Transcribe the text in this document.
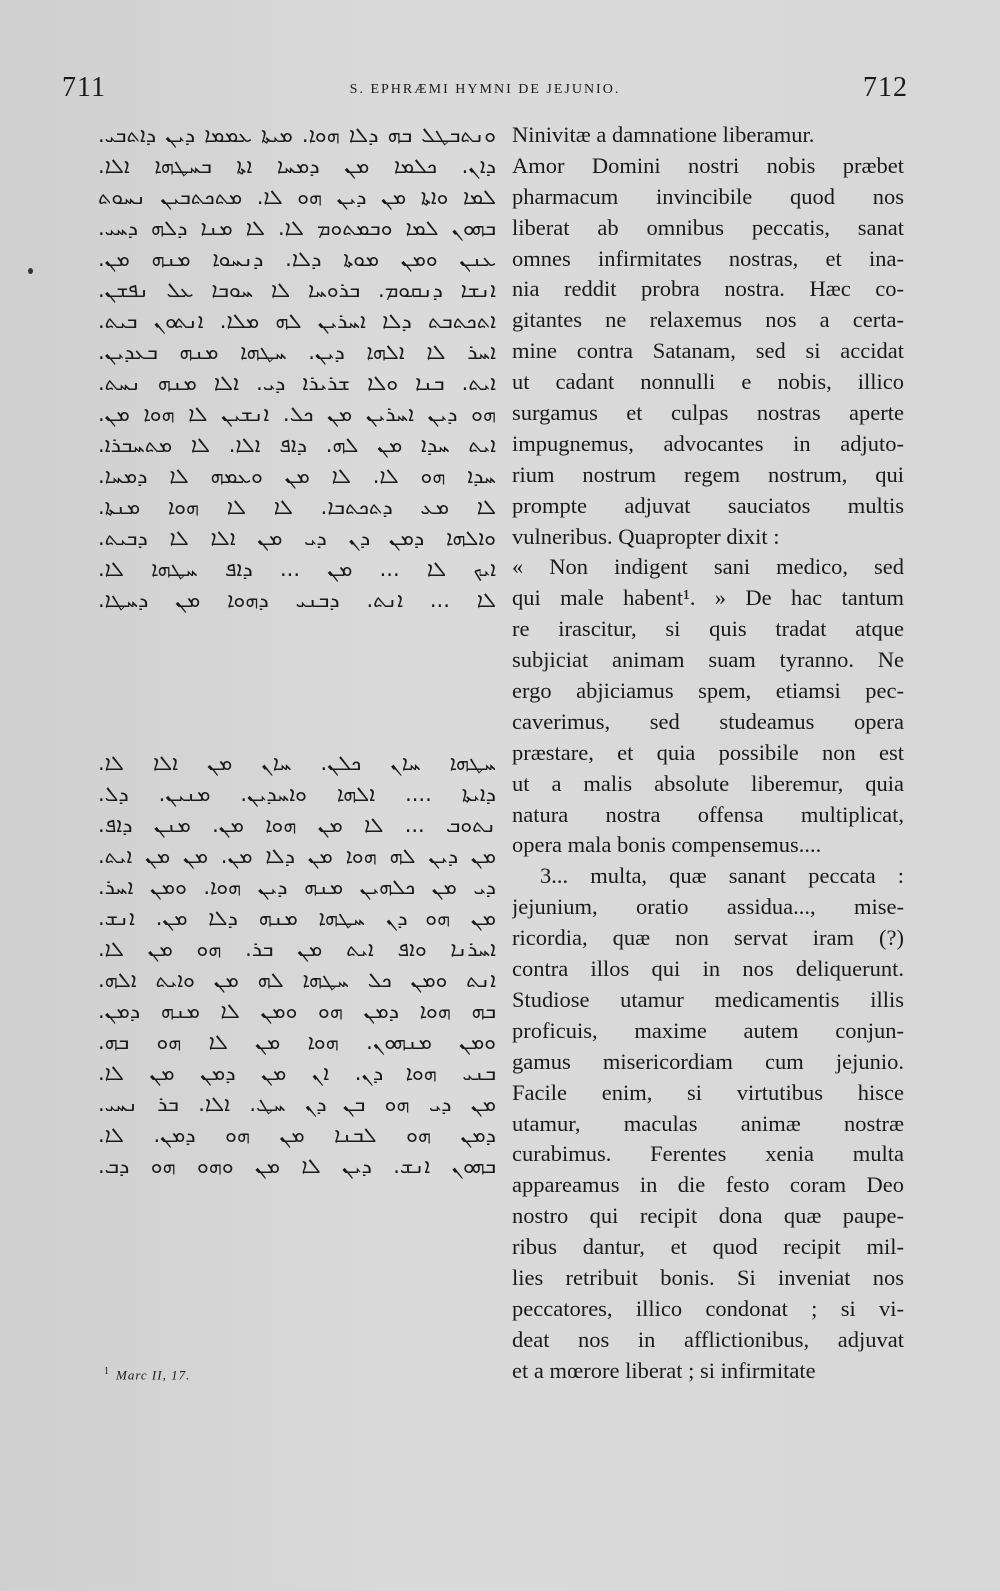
711	S. EPHRÆMI HYMNI DE JEJUNIO.	712
ܘܢܬܒܛܠ ܒܗ ܕܠܐ ܗܘܐ. ܡܝܬܐ ܥܡܡܐ ܕܝܢ ܕܐܬܒܝ.
ܕܐܢ. ܟܠܡܐ ܡܢ ܕܡܚܐ ܐܬܐ ܒܚܛܗܐ ܐܠܐ.
ܠܡܐ ܘܐܬܐ ܡܢ ܕܝܢ ܗܘ ܠܐ. ܡܬܟܬܒܝܢ ܢܚܘܬ
ܒܗܘܢ ܠܡܐ ܘܒܡܬܘܡ ܠܐ. ܠܐ ܡܢܐ ܕܠܗ ܕܚܝ.
ܥܢܢ ܘܡܢ ܡܘܬܐ ܕܠܐ. ܕܢܚܘܐ ܡܢܗ ܡܢ.
ܐܢܫܐ ܕܢܩܘܡ. ܒܪܘܚܐ ܠܐ ܚܘܒܐ ܥܠ ܢܦܫܢ.
ܐܬܟܬܒܬ ܕܠܐ ܐܚܪܝܢ ܠܗ ܡܠܐ. ܐܢܬܘܢ ܒܝܬ.
ܐܚܪ ܠܐ ܐܠܗܐ ܕܝܢ. ܚܛܗܐ ܡܢܗ ܒܥܕܝܢ.
ܐܝܬ. ܒܢܐ ܘܠܐ ܫܪܝܪܐ ܕܝ. ܐܠܐ ܡܢܗ ܢܚܬ.
ܗܘ ܕܝܢ ܐܚܪܝܢ ܡܢ ܟܠ. ܐܢܫܝܢ ܠܐ ܗܘܐ ܡܢ.
ܐܝܬ ܚܕܐ ܡܢ ܠܗ. ܕܐܦ ܐܠܐ. ܠܐ ܡܬܚܒܪܐ.
ܚܕܐ ܗܘ ܠܐ. ܠܐ ܡܢ ܘܥܡܗ ܠܐ ܕܡܚܐ.
ܠܐ ܡܥ ܕܬܟܬܒܐ. ܠܐ ܠܐ ܗܘܐ ܡܢܬܐ.
ܘܐܠܗܐ ܕܡܢ ܕܢ ܕܝ ܡܢ ܐܠܐ ܠܐ ܕܒܝܬ.
ܐܝܟ ܠܐ ... ܡܢ ... ܕܐܦ ܚܛܗܐ ܠܐ.
ܠܐ ... ܐܢܬ. ܕܒܢܝ ܕܗܘܐ ܡܢ ܕܚܛܐ.
ܚܛܗܐ ܚܐܢ ܟܠܢ. ܚܐܢ ܡܢ ܐܠܐ ܠܐ.
ܕܐܝܬܐ .... ܐܠܗܐ ܘܐܚܕܝܢ. ܡܢܝܢ. ܕܠ.
ܢܬܘܒ ... ܠܐ ܡܢ ܗܘܐ ܡܢ. ܡܢܢ ܕܐܦ.
ܡܢ ܕܝܢ ܠܗ ܗܘܐ ܡܢ ܕܠܐ ܡܢ. ܡܢ ܡܢ ܐܝܬ.
ܕܝ ܡܢ ܟܠܗܝܢ ܡܢܗ ܕܝܢ ܗܘܐ. ܘܡܢ ܐܚܪ.
ܡܢ ܗܘ ܕܢ ܚܛܗܐ ܡܢܗ ܕܠܐ ܡܢ. ܐܢܫ.
ܐܚܪܢܐ ܘܐܦ ܐܝܬ ܡܢ ܒܪ. ܗܘ ܡܢ ܠܐ.
ܐܢܬ ܘܡܢ ܟܠ ܚܛܗܐ ܠܗ ܡܢ ܘܐܝܬ ܐܠܗ.
ܒܗ ܗܘܐ ܕܡܢ ܗܘ ܘܡܢ ܠܐ ܡܢܗ ܕܡܢ.
ܘܡܢ ܡܢܗܘܢ. ܗܘܐ ܡܢ ܠܐ ܗܘ ܒܗ.
ܒܢܝ ܗܘܐ ܕܢ. ܐܢ ܡܢ ܕܡܢ ܡܢ ܠܐ.
ܡܢ ܕܝ ܗܘ ܒܢ ܕܢ ܚܛ. ܐܠܐ. ܒܪ ܢܚܝ.
ܕܡܢ ܗܘ ܠܒܢܐ ܡܢ ܗܘ ܕܡܢ. ܠܐ.
ܒܗܘܢ ܐܢܫ. ܕܝܢ ܠܐ ܡܢ ܘܗܘ ܗܘ ܕܒ.
Ninivitæ a damnatione liberamur.
Amor Domini nostri nobis præbet
pharmacum invincibile quod nos
liberat ab omnibus peccatis, sanat
omnes infirmitates nostras, et ina-
nia reddit probra nostra. Hæc co-
gitantes ne relaxemus nos a certa-
mine contra Satanam, sed si accidat
ut cadant nonnulli e nobis, illico
surgamus et culpas nostras aperte
impugnemus, advocantes in adjuto-
rium nostrum regem nostrum, qui
prompte adjuvat sauciatos multis
vulneribus. Quapropter dixit :
« Non indigent sani medico, sed
qui male habent¹. » De hac tantum
re irascitur, si quis tradat atque
subjiciat animam suam tyranno. Ne
ergo abjiciamus spem, etiamsi pec-
caverimus, sed studeamus opera
præstare, et quia possibile non est
ut a malis absolute liberemur, quia
natura nostra offensa multiplicat,
opera mala bonis compensemus....
3... multa, quæ sanant peccata :
jejunium, oratio assidua..., mise-
ricordia, quæ non servat iram (?)
contra illos qui in nos deliquerunt.
Studiose utamur medicamentis illis
proficuis, maxime autem conjun-
gamus misericordiam cum jejunio.
Facile enim, si virtutibus hisce
utamur, maculas animæ nostræ
curabimus. Ferentes xenia multa
appareamus in die festo coram Deo
nostro qui recipit dona quæ paupe-
ribus dantur, et quod recipit mil-
lies retribuit bonis. Si inveniat nos
peccatores, illico condonat ; si vi-
deat nos in afflictionibus, adjuvat
et a mœrore liberat ; si infirmitate
$^1$ Marc II, 17.
